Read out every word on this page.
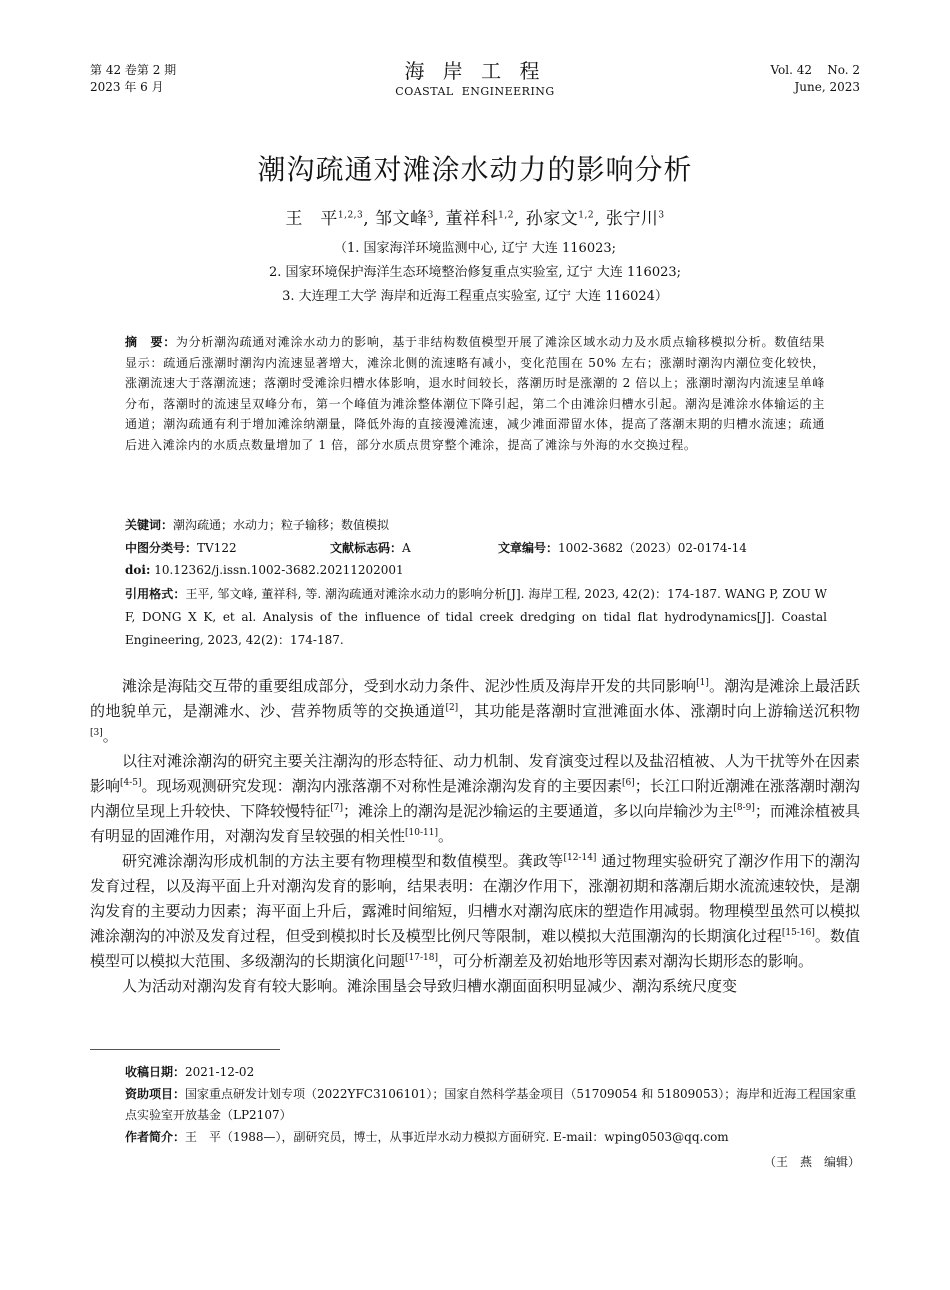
第 42 卷第 2 期
2023 年 6 月
海 岸 工 程
COASTAL  ENGINEERING
Vol. 42    No. 2
June, 2023
潮沟疏通对滩涂水动力的影响分析
王　平$^{1,2,3}$, 邹文峰$^3$, 董祥科$^{1,2}$, 孙家文$^{1,2}$, 张宁川$^3$
（1. 国家海洋环境监测中心, 辽宁 大连 116023;
2. 国家环境保护海洋生态环境整治修复重点实验室, 辽宁 大连 116023;
3. 大连理工大学 海岸和近海工程重点实验室, 辽宁 大连 116024）
摘　要：为分析潮沟疏通对滩涂水动力的影响，基于非结构数值模型开展了滩涂区域水动力及水质点输移模拟分析。数值结果显示：疏通后涨潮时潮沟内流速显著增大，滩涂北侧的流速略有减小，变化范围在 50% 左右；涨潮时潮沟内潮位变化较快，涨潮流速大于落潮流速；落潮时受滩涂归槽水体影响，退水时间较长，落潮历时是涨潮的 2 倍以上；涨潮时潮沟内流速呈单峰分布，落潮时的流速呈双峰分布，第一个峰值为滩涂整体潮位下降引起，第二个由滩涂归槽水引起。潮沟是滩涂水体输运的主通道；潮沟疏通有利于增加滩涂纳潮量，降低外海的直接漫滩流速，减少滩面滞留水体，提高了落潮末期的归槽水流速；疏通后进入滩涂内的水质点数量增加了 1 倍，部分水质点贯穿整个滩涂，提高了滩涂与外海的水交换过程。
关键词：潮沟疏通；水动力；粒子输移；数值模拟
中图分类号：TV122	文献标志码：A	文章编号：1002-3682（2023）02-0174-14
doi: 10.12362/j.issn.1002-3682.20211202001
引用格式：王平, 邹文峰, 董祥科, 等. 潮沟疏通对滩涂水动力的影响分析[J]. 海岸工程, 2023, 42(2)：174-187. WANG P, ZOU W F, DONG X K, et al. Analysis of the influence of tidal creek dredging on tidal flat hydrodynamics[J]. Coastal Engineering, 2023, 42(2)：174-187.

滩涂是海陆交互带的重要组成部分，受到水动力条件、泥沙性质及海岸开发的共同影响[1]。潮沟是滩涂上最活跃的地貌单元，是潮滩水、沙、营养物质等的交换通道[2]，其功能是落潮时宣泄滩面水体、涨潮时向上游输送沉积物[3]。

以往对滩涂潮沟的研究主要关注潮沟的形态特征、动力机制、发育演变过程以及盐沼植被、人为干扰等外在因素影响[4-5]。现场观测研究发现：潮沟内涨落潮不对称性是滩涂潮沟发育的主要因素[6]；长江口附近潮滩在涨落潮时潮沟内潮位呈现上升较快、下降较慢特征[7]；滩涂上的潮沟是泥沙输运的主要通道，多以向岸输沙为主[8-9]；而滩涂植被具有明显的固滩作用，对潮沟发育呈较强的相关性[10-11]。

研究滩涂潮沟形成机制的方法主要有物理模型和数值模型。龚政等[12-14] 通过物理实验研究了潮汐作用下的潮沟发育过程，以及海平面上升对潮沟发育的影响，结果表明：在潮汐作用下，涨潮初期和落潮后期水流流速较快，是潮沟发育的主要动力因素；海平面上升后，露滩时间缩短，归槽水对潮沟底床的塑造作用减弱。物理模型虽然可以模拟滩涂潮沟的冲淤及发育过程，但受到模拟时长及模型比例尺等限制，难以模拟大范围潮沟的长期演化过程[15-16]。数值模型可以模拟大范围、多级潮沟的长期演化问题[17-18]，可分析潮差及初始地形等因素对潮沟长期形态的影响。

人为活动对潮沟发育有较大影响。滩涂围垦会导致归槽水潮面面积明显减少、潮沟系统尺度变

收稿日期：2021-12-02
资助项目：国家重点研发计划专项（2022YFC3106101）；国家自然科学基金项目（51709054 和 51809053）；海岸和近海工程国家重点实验室开放基金（LP2107）
作者简介：王　平（1988—），副研究员，博士，从事近岸水动力模拟方面研究. E-mail：wping0503@qq.com
（王　燕　编辑）
